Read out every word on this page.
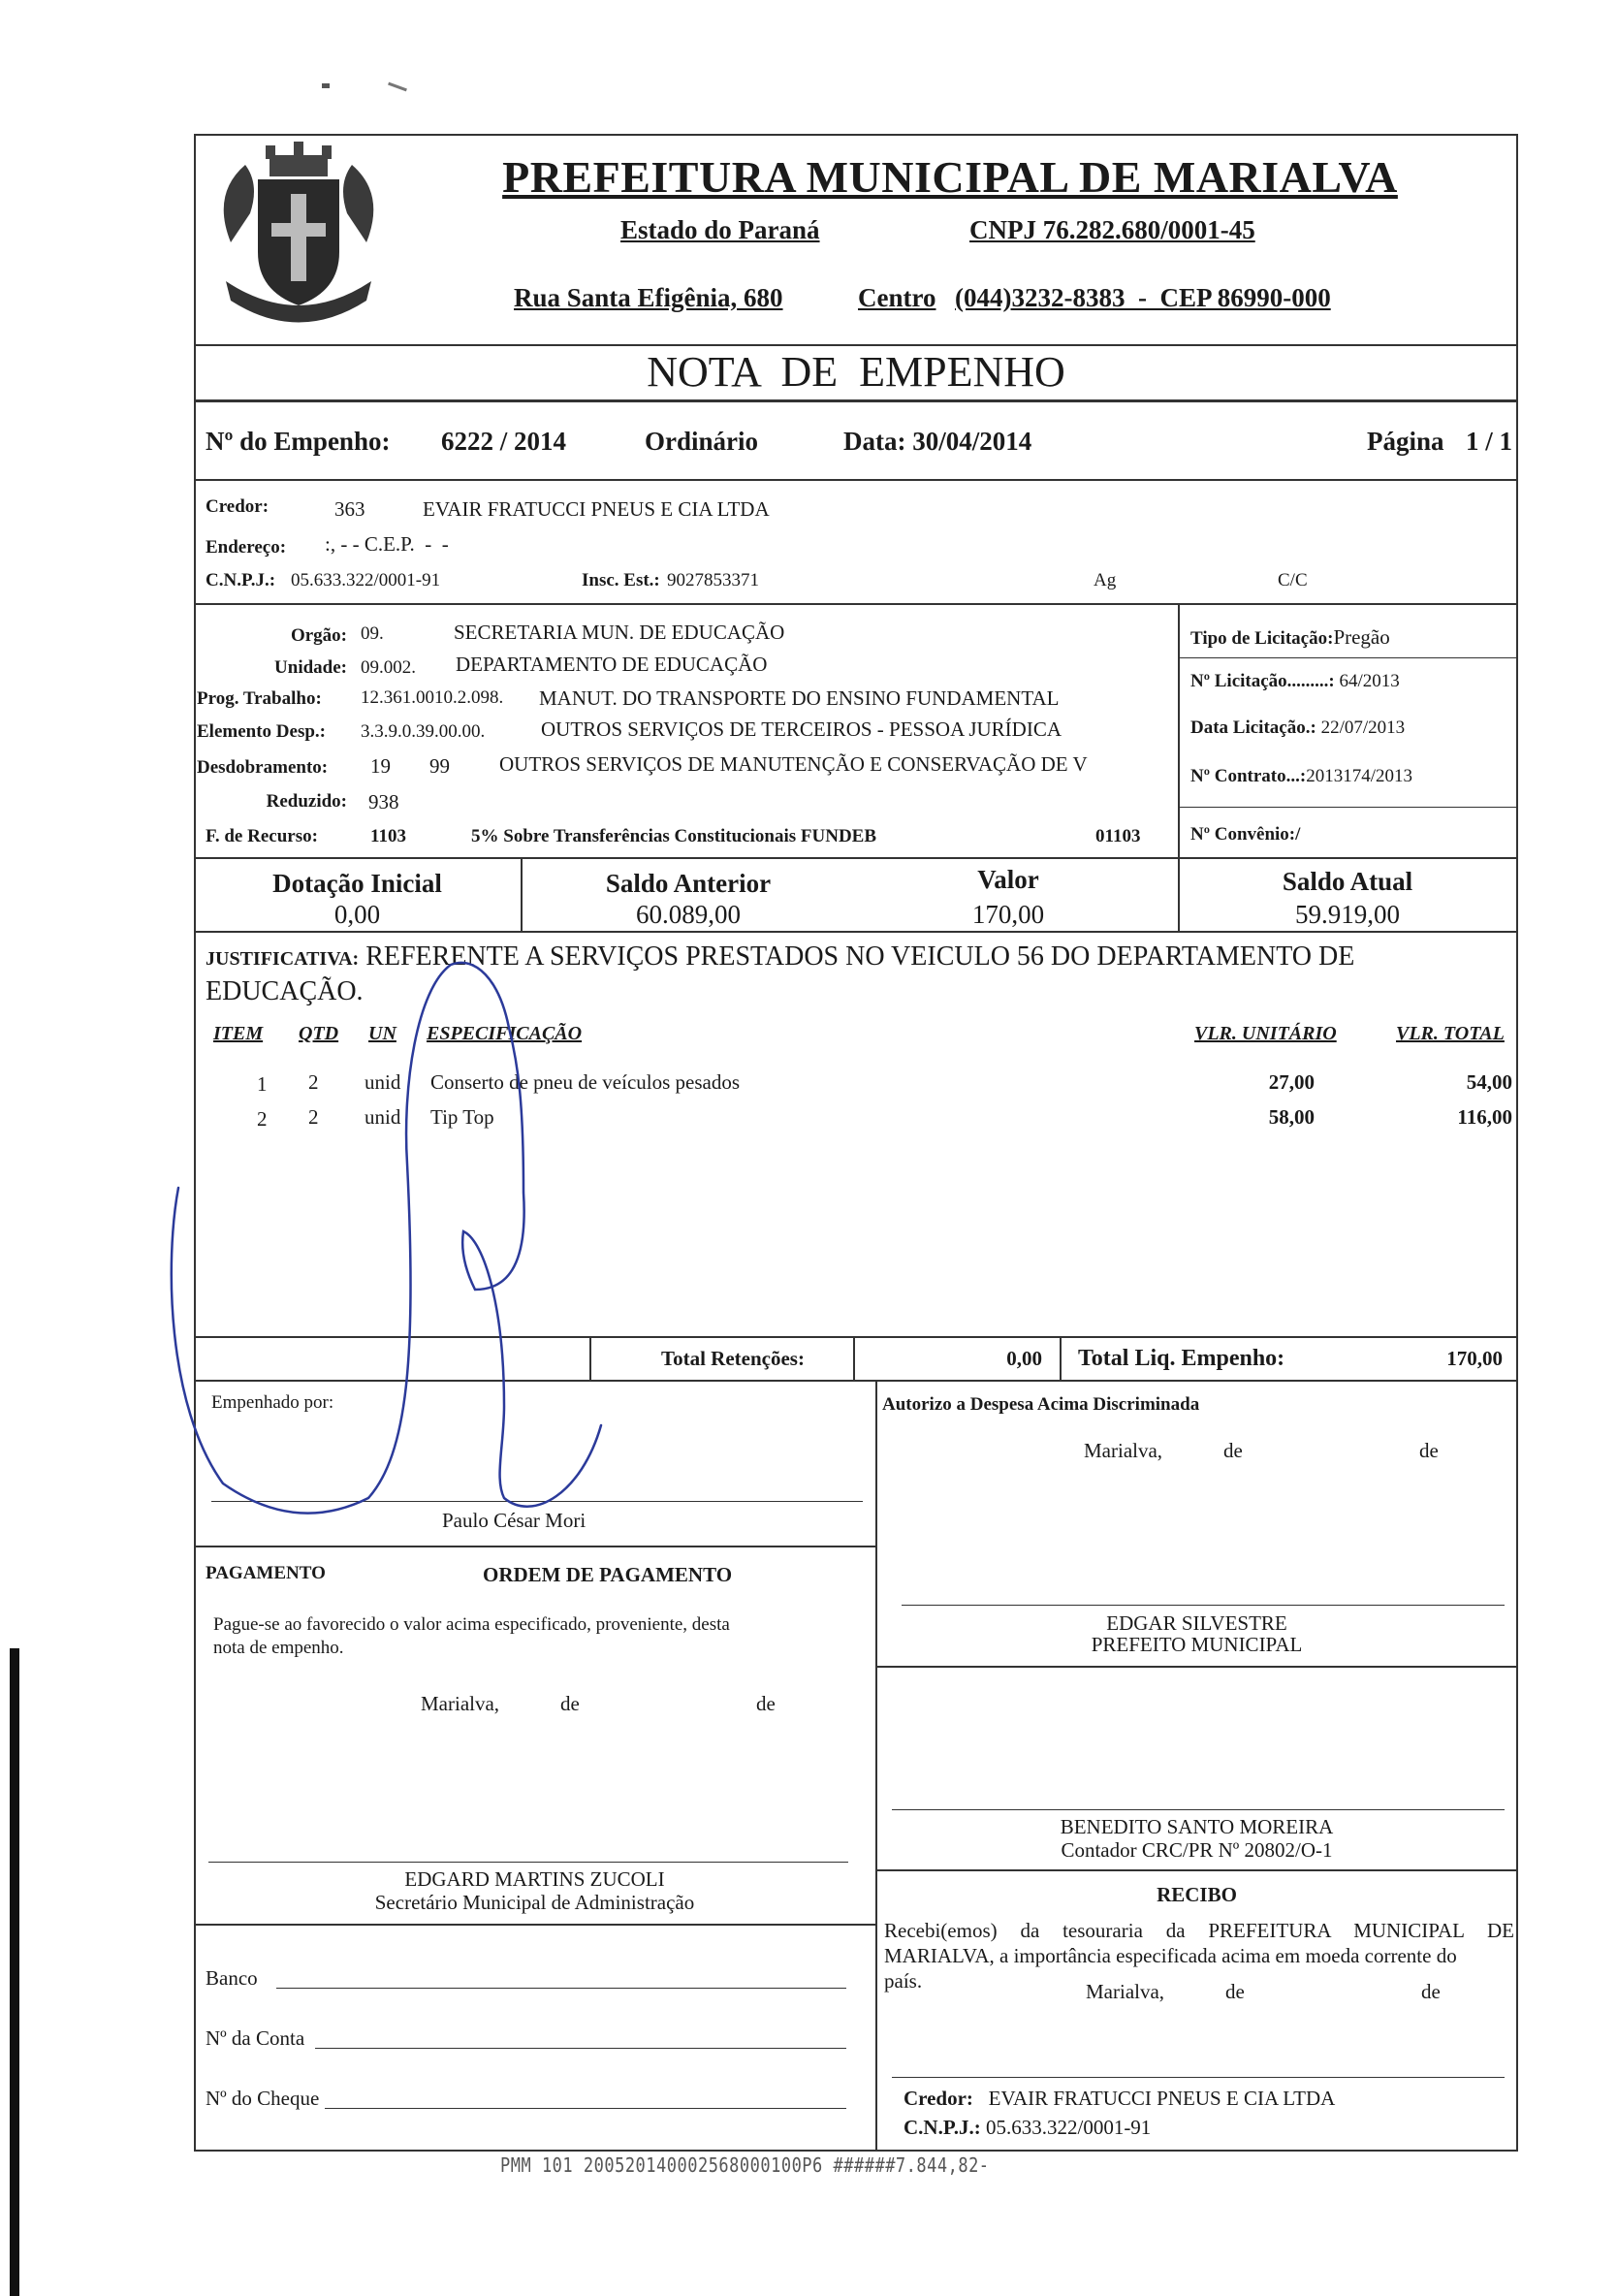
PREFEITURA MUNICIPAL DE MARIALVA
Estado do Paraná	CNPJ 76.282.680/0001-45
Rua Santa Efigênia, 680	Centro (044)3232-8383  -  CEP 86990-000
NOTA  DE  EMPENHO
Nº do Empenho: 6222 / 2014	Ordinário	Data: 30/04/2014	Página 1 / 1
Credor:	363	EVAIR FRATUCCI PNEUS E CIA LTDA
Endereço: :, - - C.E.P.  -  -
C.N.P.J.: 05.633.322/0001-91	Insc. Est.: 9027853371	Ag	C/C
Orgão: 09.	SECRETARIA MUN. DE EDUCAÇÃO
Unidade: 09.002. DEPARTAMENTO DE EDUCAÇÃO
Prog. Trabalho: 12.361.0010.2.098. MANUT. DO TRANSPORTE DO ENSINO FUNDAMENTAL
Elemento Desp.: 3.3.9.0.39.00.00.	OUTROS SERVIÇOS DE TERCEIROS - PESSOA JURÍDICA
Desdobramento: 19 99 OUTROS SERVIÇOS DE MANUTENÇÃO E CONSERVAÇÃO DE V
Reduzido: 938
F. de Recurso:	1103	5% Sobre Transferências Constitucionais FUNDEB	01103
Tipo de Licitação:Pregão
Nº Licitação.........: 64/2013
Data Licitação.: 22/07/2013
Nº Contrato...:2013174/2013
Nº Convênio:/
Dotação Inicial
0,00
Saldo Anterior
60.089,00
Valor
170,00
Saldo Atual
59.919,00
JUSTIFICATIVA: REFERENTE A SERVIÇOS PRESTADOS NO VEICULO 56 DO DEPARTAMENTO DE
EDUCAÇÃO.
ITEM QTD UN ESPECIFICAÇÃO	VLR. UNITÁRIO	VLR. TOTAL
1 2 unid Conserto de pneu de veículos pesados	27,00	54,00
2 2 unid Tip Top	58,00	116,00
Total Retenções:	0,00 Total Liq. Empenho:	170,00
Empenhado por:	Autorizo a Despesa Acima Discriminada
Marialva,	de	de
Paulo César Mori
PAGAMENTO	ORDEM DE PAGAMENTO
Pague-se ao favorecido o valor acima especificado, proveniente, desta
nota de empenho.
Marialva,	de	de
EDGAR SILVESTRE
PREFEITO MUNICIPAL
BENEDITO SANTO MOREIRA
Contador CRC/PR Nº 20802/O-1
EDGARD MARTINS ZUCOLI
Secretário Municipal de Administração	RECIBO
Recebi(emos) da tesouraria da PREFEITURA MUNICIPAL DE
MARIALVA, a importância especificada acima em moeda corrente do
país.	Marialva,	de	de
Banco
Nº da Conta
Nº do Cheque	Credor: EVAIR FRATUCCI PNEUS E CIA LTDA
C.N.P.J.: 05.633.322/0001-91
PMM 101 200520140002568000100P6 ######7.844,82-
